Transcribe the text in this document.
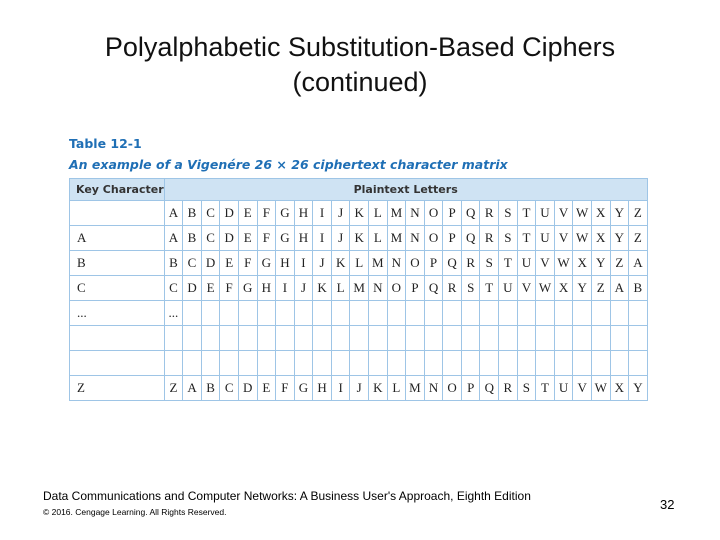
Polyalphabetic Substitution-Based Ciphers
(continued)
Table 12-1
An example of a Vigenére 26 × 26 ciphertext character matrix
Key Character	Plaintext Letters																									
	A	B	C	D	E	F	G	H	I	J	K	L	M	N	O	P	Q	R	S	T	U	V	W	X	Y	Z
A	A	B	C	D	E	F	G	H	I	J	K	L	M	N	O	P	Q	R	S	T	U	V	W	X	Y	Z
B	B	C	D	E	F	G	H	I	J	K	L	M	N	O	P	Q	R	S	T	U	V	W	X	Y	Z	A
C	C	D	E	F	G	H	I	J	K	L	M	N	O	P	Q	R	S	T	U	V	W	X	Y	Z	A	B
...	...																									

Z	Z	A	B	C	D	E	F	G	H	I	J	K	L	M	N	O	P	Q	R	S	T	U	V	W	X	Y
Data Communications and Computer Networks: A Business User's Approach, Eighth Edition
© 2016. Cengage Learning. All Rights Reserved.	32
